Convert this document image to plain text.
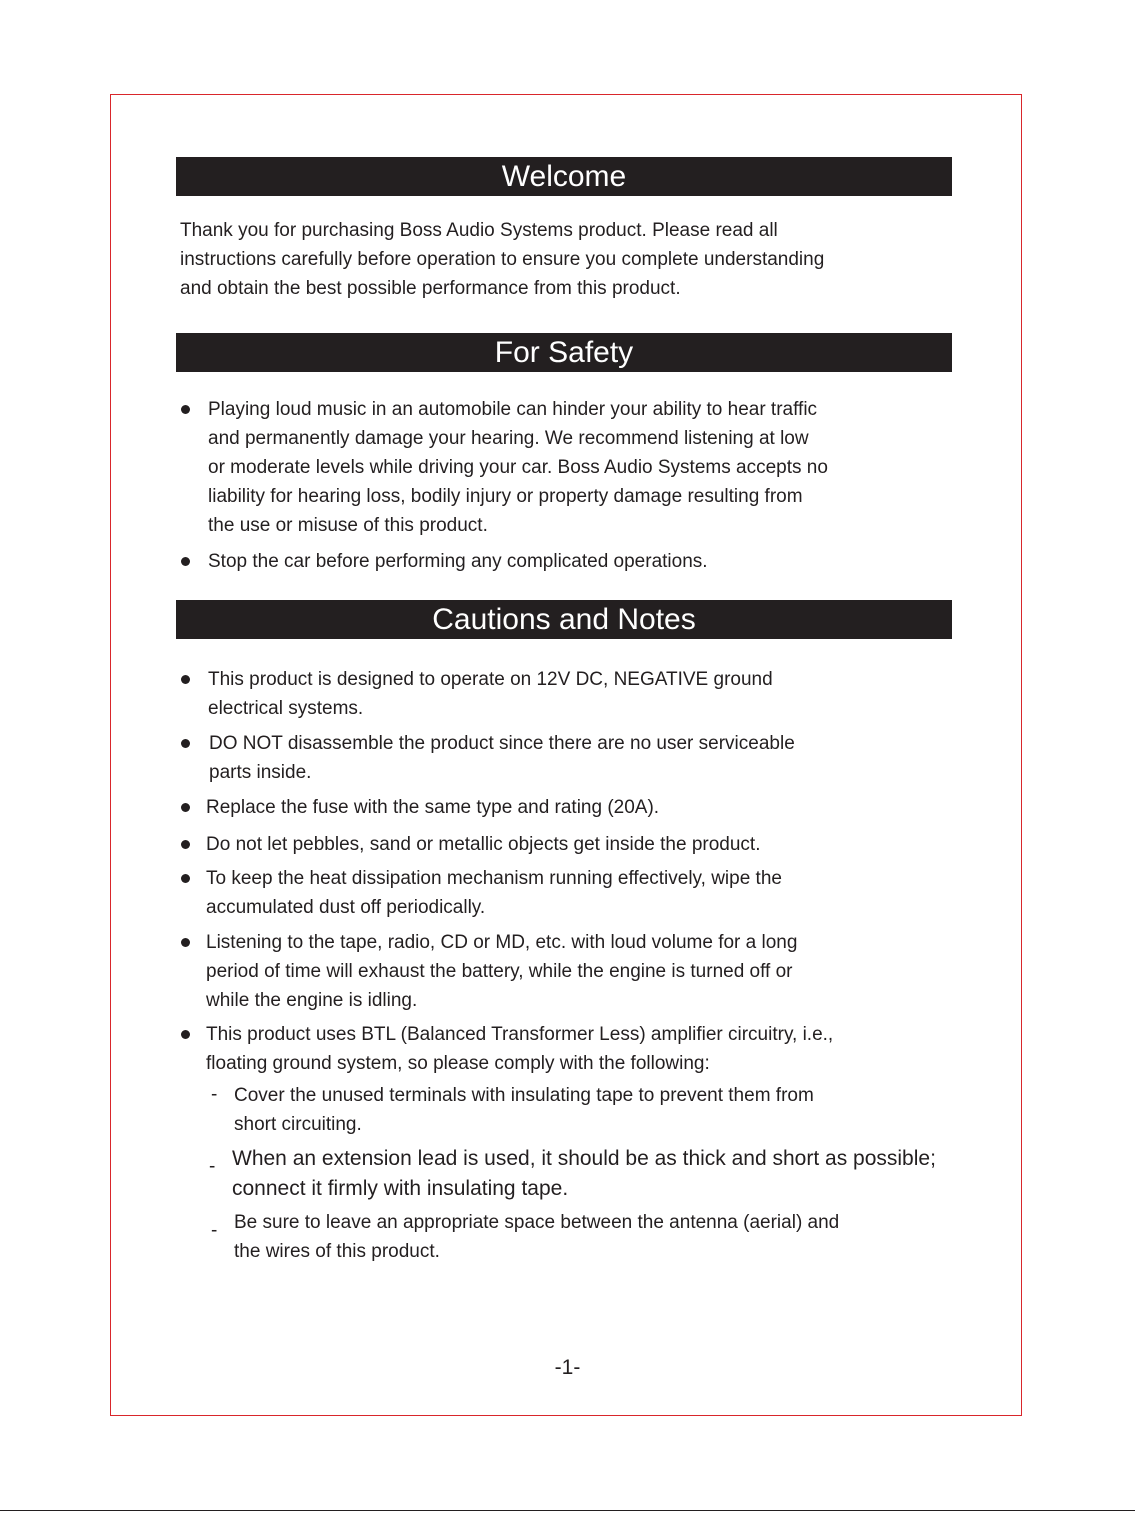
Welcome
Thank you for purchasing Boss Audio Systems product. Please read all
instructions carefully before operation to ensure you complete understanding
and obtain the best possible performance from this product.
For Safety
Playing loud music in an automobile can hinder your ability to hear traffic
and permanently damage your hearing. We recommend listening at low
or moderate levels while driving your car. Boss Audio Systems accepts no
liability for hearing loss, bodily injury or property damage resulting from
the use or misuse of this product.
Stop the car before performing any complicated operations.
Cautions and Notes
This product is designed to operate on 12V DC, NEGATIVE ground
electrical systems.
DO NOT disassemble the product since there are no user serviceable
parts inside.
Replace the fuse with the same type and rating (20A).
Do not let pebbles, sand or metallic objects get inside the product.
To keep the heat dissipation mechanism running effectively, wipe the
accumulated dust off periodically.
Listening to the tape, radio, CD or MD, etc. with loud volume for a long
period of time will exhaust the battery, while the engine is turned off or
while the engine is idling.
This product uses BTL (Balanced Transformer Less) amplifier circuitry, i.e.,
floating ground system, so please comply with the following:
- Cover the unused terminals with insulating tape to prevent them from
short circuiting.
- When an extension lead is used, it should be as thick and short as possible;
connect it firmly with insulating tape.
- Be sure to leave an appropriate space between the antenna (aerial) and
the wires of this product.
-1-
